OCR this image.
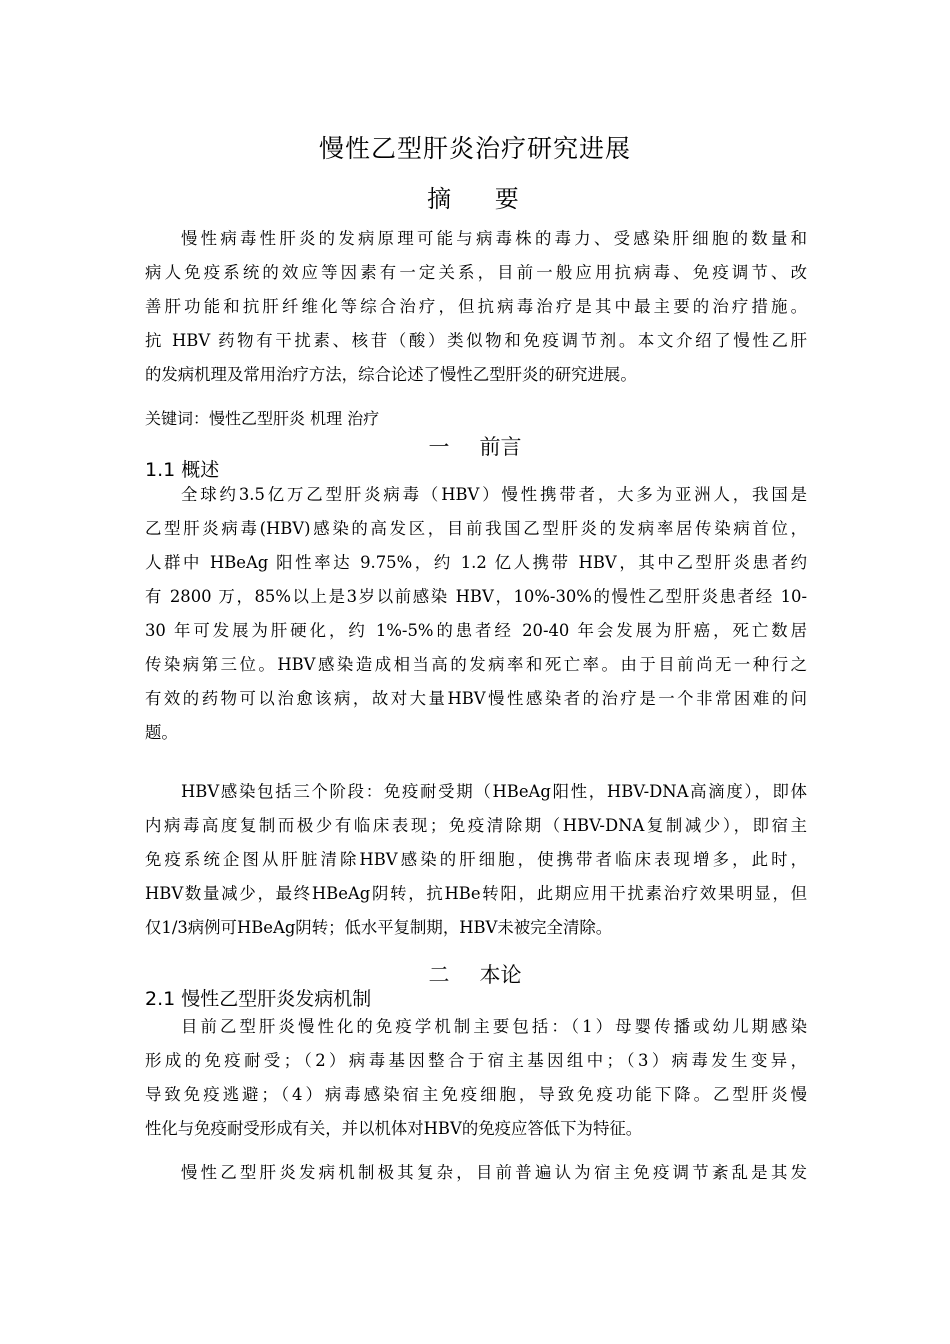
慢性乙型肝炎治疗研究进展
摘 要
慢性病毒性肝炎的发病原理可能与病毒株的毒力、受感染肝细胞的数量和
病人免疫系统的效应等因素有一定关系，目前一般应用抗病毒、免疫调节、改
善肝功能和抗肝纤维化等综合治疗，但抗病毒治疗是其中最主要的治疗措施。
抗 HBV 药物有干扰素、核苷（酸）类似物和免疫调节剂。本文介绍了慢性乙肝
的发病机理及常用治疗方法，综合论述了慢性乙型肝炎的研究进展。
关键词：慢性乙型肝炎 机理 治疗
一 前言
1.1 概述
全球约3.5亿万乙型肝炎病毒（HBV）慢性携带者，大多为亚洲人，我国是
乙型肝炎病毒(HBV)感染的高发区，目前我国乙型肝炎的发病率居传染病首位，
人群中 HBeAg 阳性率达 9.75%，约 1.2 亿人携带 HBV，其中乙型肝炎患者约
有 2800 万，85%以上是3岁以前感染 HBV，10%-30%的慢性乙型肝炎患者经 10-
30 年可发展为肝硬化，约 1%-5%的患者经 20-40 年会发展为肝癌，死亡数居
传染病第三位。HBV感染造成相当高的发病率和死亡率。由于目前尚无一种行之
有效的药物可以治愈该病，故对大量HBV慢性感染者的治疗是一个非常困难的问
题。
HBV感染包括三个阶段：免疫耐受期（HBeAg阳性，HBV-DNA高滴度），即体
内病毒高度复制而极少有临床表现；免疫清除期（HBV-DNA复制减少），即宿主
免疫系统企图从肝脏清除HBV感染的肝细胞，使携带者临床表现增多，此时，
HBV数量减少，最终HBeAg阴转，抗HBe转阳，此期应用干扰素治疗效果明显，但
仅1/3病例可HBeAg阴转；低水平复制期，HBV未被完全清除。
二 本论
2.1 慢性乙型肝炎发病机制
目前乙型肝炎慢性化的免疫学机制主要包括：（1）母婴传播或幼儿期感染
形成的免疫耐受；（2）病毒基因整合于宿主基因组中；（3）病毒发生变异，
导致免疫逃避；（4）病毒感染宿主免疫细胞，导致免疫功能下降。乙型肝炎慢
性化与免疫耐受形成有关，并以机体对HBV的免疫应答低下为特征。
慢性乙型肝炎发病机制极其复杂，目前普遍认为宿主免疫调节紊乱是其发
